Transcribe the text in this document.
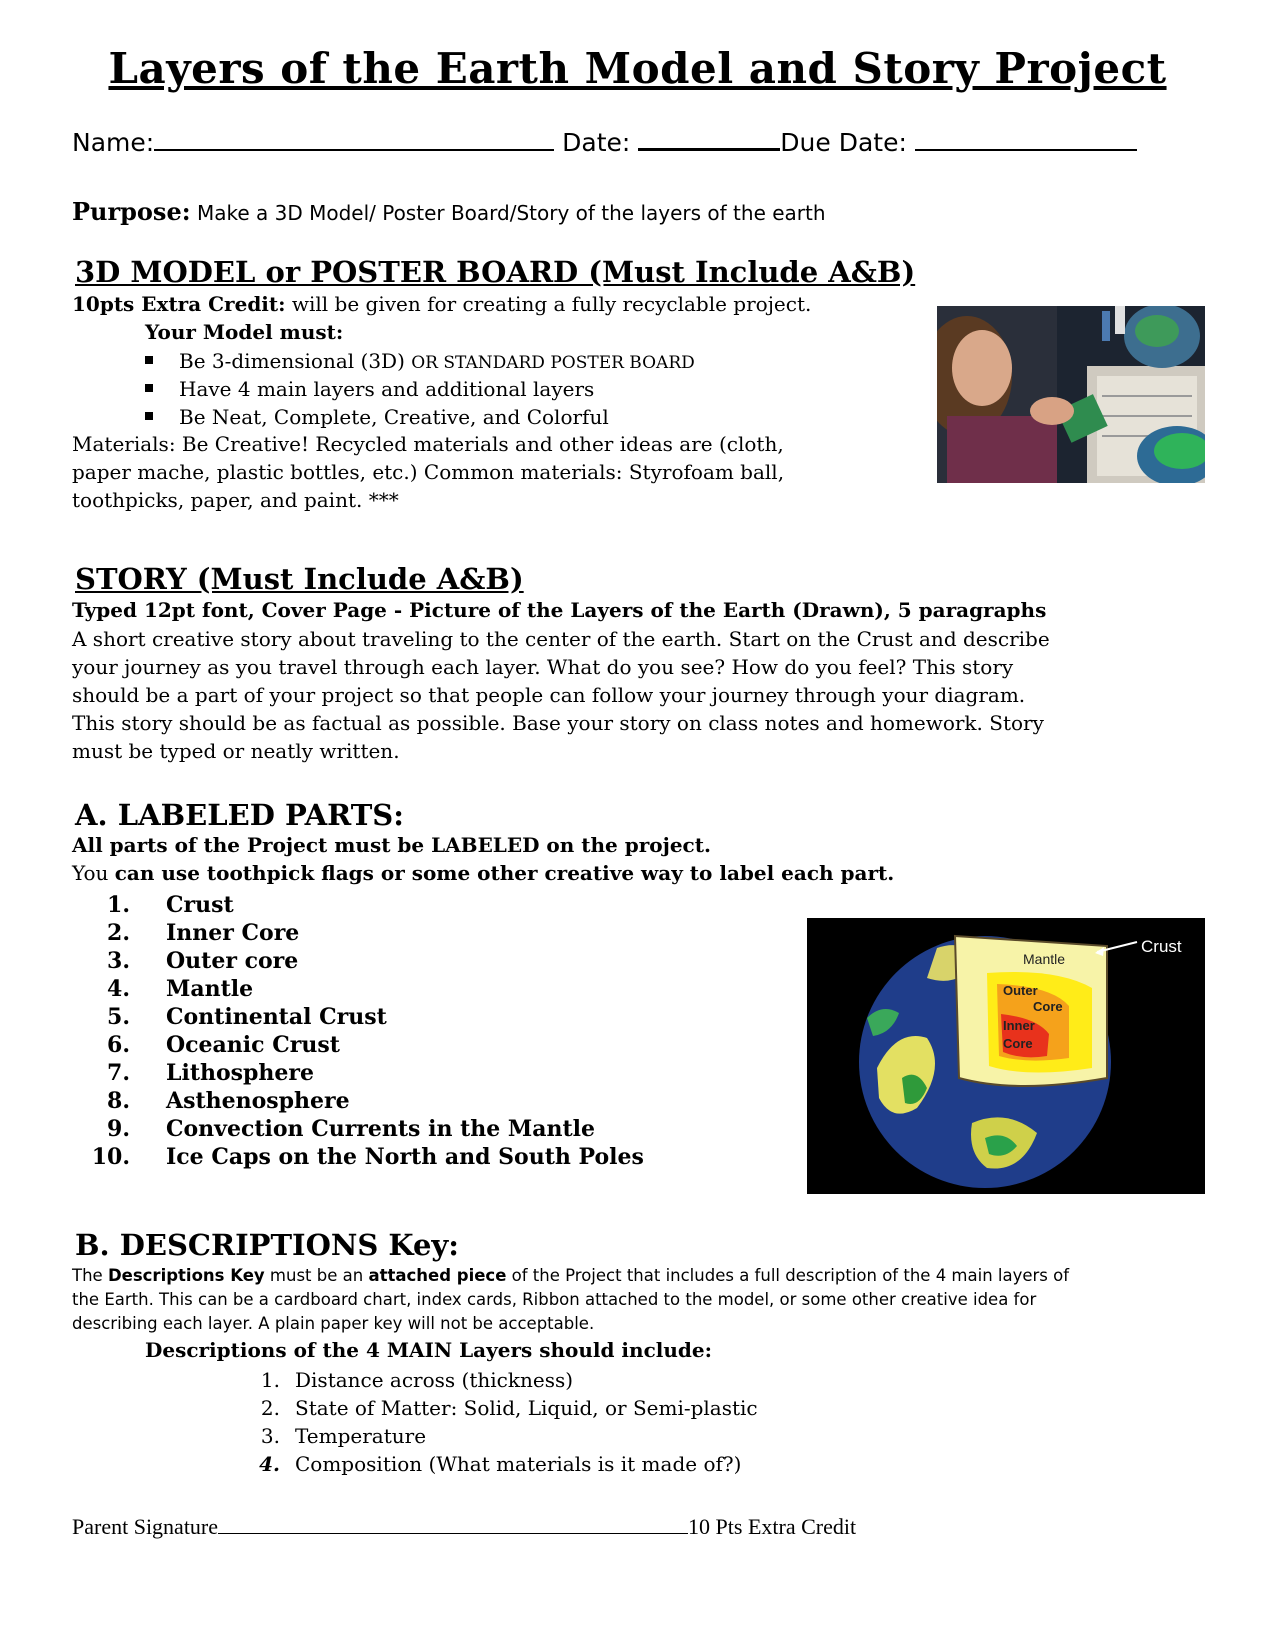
Layers of the Earth Model and Story Project
Name:	Date:	Due Date:
Purpose: Make a 3D Model/ Poster Board/Story of the layers of the earth
3D MODEL or POSTER BOARD (Must Include A&B)
10pts Extra Credit: will be given for creating a fully recyclable project.
Your Model must:
Be 3-dimensional (3D) OR STANDARD POSTER BOARD
Have 4 main layers and additional layers
Be Neat, Complete, Creative, and Colorful
Materials: Be Creative! Recycled materials and other ideas are (cloth,
paper mache, plastic bottles, etc.) Common materials: Styrofoam ball,
toothpicks, paper, and paint. ***
STORY (Must Include A&B)
Typed 12pt font, Cover Page - Picture of the Layers of the Earth (Drawn), 5 paragraphs
A short creative story about traveling to the center of the earth. Start on the Crust and describe
your journey as you travel through each layer. What do you see? How do you feel? This story
should be a part of your project so that people can follow your journey through your diagram.
This story should be as factual as possible. Base your story on class notes and homework. Story
must be typed or neatly written.
A. LABELED PARTS:
All parts of the Project must be LABELED on the project.
You can use toothpick flags or some other creative way to label each part.
1. Crust
2. Inner Core
3. Outer core
4. Mantle
5. Continental Crust
6. Oceanic Crust
7. Lithosphere
8. Asthenosphere
9. Convection Currents in the Mantle
10. Ice Caps on the North and South Poles
Crust
Mantle
Outer
Core
Inner
Core
B. DESCRIPTIONS Key:
The Descriptions Key must be an attached piece of the Project that includes a full description of the 4 main layers of
the Earth. This can be a cardboard chart, index cards, Ribbon attached to the model, or some other creative idea for
describing each layer. A plain paper key will not be acceptable.
Descriptions of the 4 MAIN Layers should include:
1. Distance across (thickness)
2. State of Matter: Solid, Liquid, or Semi-plastic
3. Temperature
4. Composition (What materials is it made of?)
Parent Signature	10 Pts Extra Credit
